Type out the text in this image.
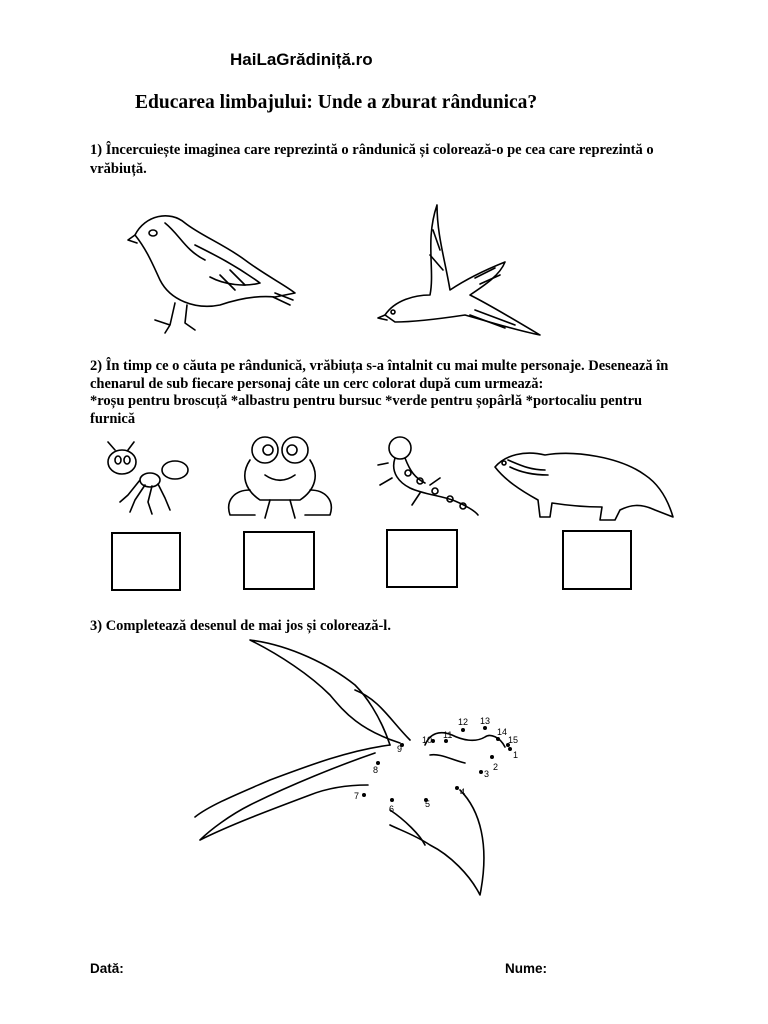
HaiLaGrădiniță.ro
Educarea limbajului: Unde a zburat rândunica?
1) Încercuiește imaginea care reprezintă o rândunică și colorează-o pe cea care reprezintă o vrăbiuță.
2) În timp ce o căuta pe rândunică, vrăbiuța s-a întalnit cu mai multe personaje. Desenează în chenarul de sub fiecare personaj câte un cerc colorat după cum urmează:
*roșu pentru broscuță *albastru pentru bursuc *verde pentru șopârlă *portocaliu pentru furnică
3) Completează desenul de mai jos și colorează-l.
1
2
3
4
5
6
7
8
9
10 11
12 13
14
15
Dată:	Nume:
